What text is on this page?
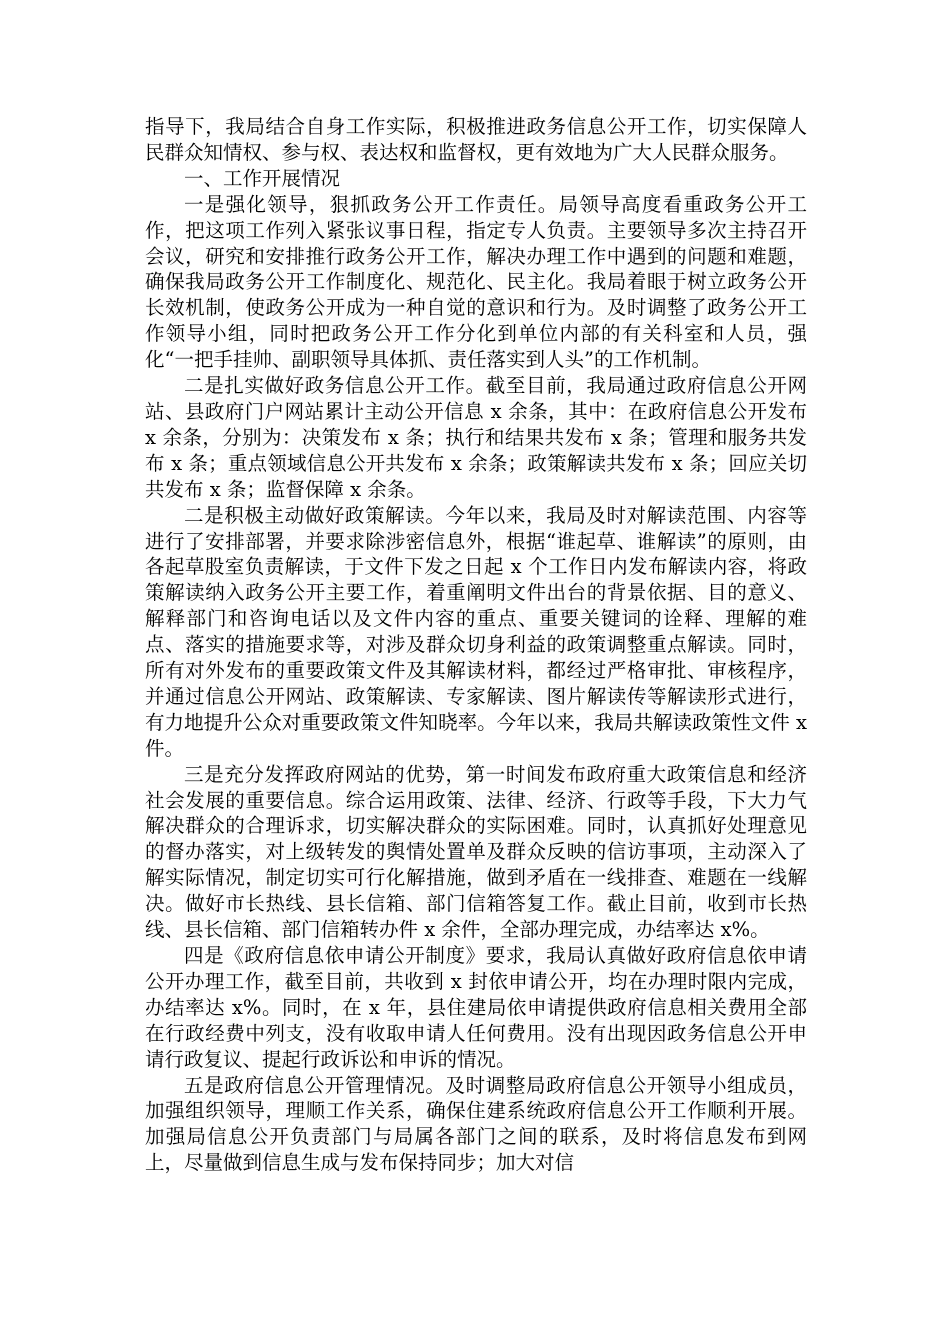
指导下，我局结合自身工作实际，积极推进政务信息公开工作，切实保障人民群众知情权、参与权、表达权和监督权，更有效地为广大人民群众服务。

一、工作开展情况

一是强化领导，狠抓政务公开工作责任。局领导高度看重政务公开工作，把这项工作列入紧张议事日程，指定专人负责。主要领导多次主持召开会议，研究和安排推行政务公开工作，解决办理工作中遇到的问题和难题，确保我局政务公开工作制度化、规范化、民主化。我局着眼于树立政务公开长效机制，使政务公开成为一种自觉的意识和行为。及时调整了政务公开工作领导小组，同时把政务公开工作分化到单位内部的有关科室和人员，强化“一把手挂帅、副职领导具体抓、责任落实到人头”的工作机制。

二是扎实做好政务信息公开工作。截至目前，我局通过政府信息公开网站、县政府门户网站累计主动公开信息 x 余条，其中：在政府信息公开发布 x 余条，分别为：决策发布 x 条；执行和结果共发布 x 条；管理和服务共发布 x 条；重点领域信息公开共发布 x 余条；政策解读共发布 x 条；回应关切共发布 x 条；监督保障 x 余条。

二是积极主动做好政策解读。今年以来，我局及时对解读范围、内容等进行了安排部署，并要求除涉密信息外，根据“谁起草、谁解读”的原则，由各起草股室负责解读，于文件下发之日起 x 个工作日内发布解读内容，将政策解读纳入政务公开主要工作，着重阐明文件出台的背景依据、目的意义、解释部门和咨询电话以及文件内容的重点、重要关键词的诠释、理解的难点、落实的措施要求等，对涉及群众切身利益的政策调整重点解读。同时，所有对外发布的重要政策文件及其解读材料，都经过严格审批、审核程序，并通过信息公开网站、政策解读、专家解读、图片解读传等解读形式进行，有力地提升公众对重要政策文件知晓率。今年以来，我局共解读政策性文件 x 件。

三是充分发挥政府网站的优势，第一时间发布政府重大政策信息和经济社会发展的重要信息。综合运用政策、法律、经济、行政等手段，下大力气解决群众的合理诉求，切实解决群众的实际困难。同时，认真抓好处理意见的督办落实，对上级转发的舆情处置单及群众反映的信访事项，主动深入了解实际情况，制定切实可行化解措施，做到矛盾在一线排查、难题在一线解决。做好市长热线、县长信箱、部门信箱答复工作。截止目前，收到市长热线、县长信箱、部门信箱转办件 x 余件，全部办理完成，办结率达 x%。

四是《政府信息依申请公开制度》要求，我局认真做好政府信息依申请公开办理工作，截至目前，共收到 x 封依申请公开，均在办理时限内完成，办结率达 x%。同时，在 x 年，县住建局依申请提供政府信息相关费用全部在行政经费中列支，没有收取申请人任何费用。没有出现因政务信息公开申请行政复议、提起行政诉讼和申诉的情况。

五是政府信息公开管理情况。及时调整局政府信息公开领导小组成员，加强组织领导，理顺工作关系，确保住建系统政府信息公开工作顺利开展。加强局信息公开负责部门与局属各部门之间的联系，及时将信息发布到网上，尽量做到信息生成与发布保持同步；加大对信
